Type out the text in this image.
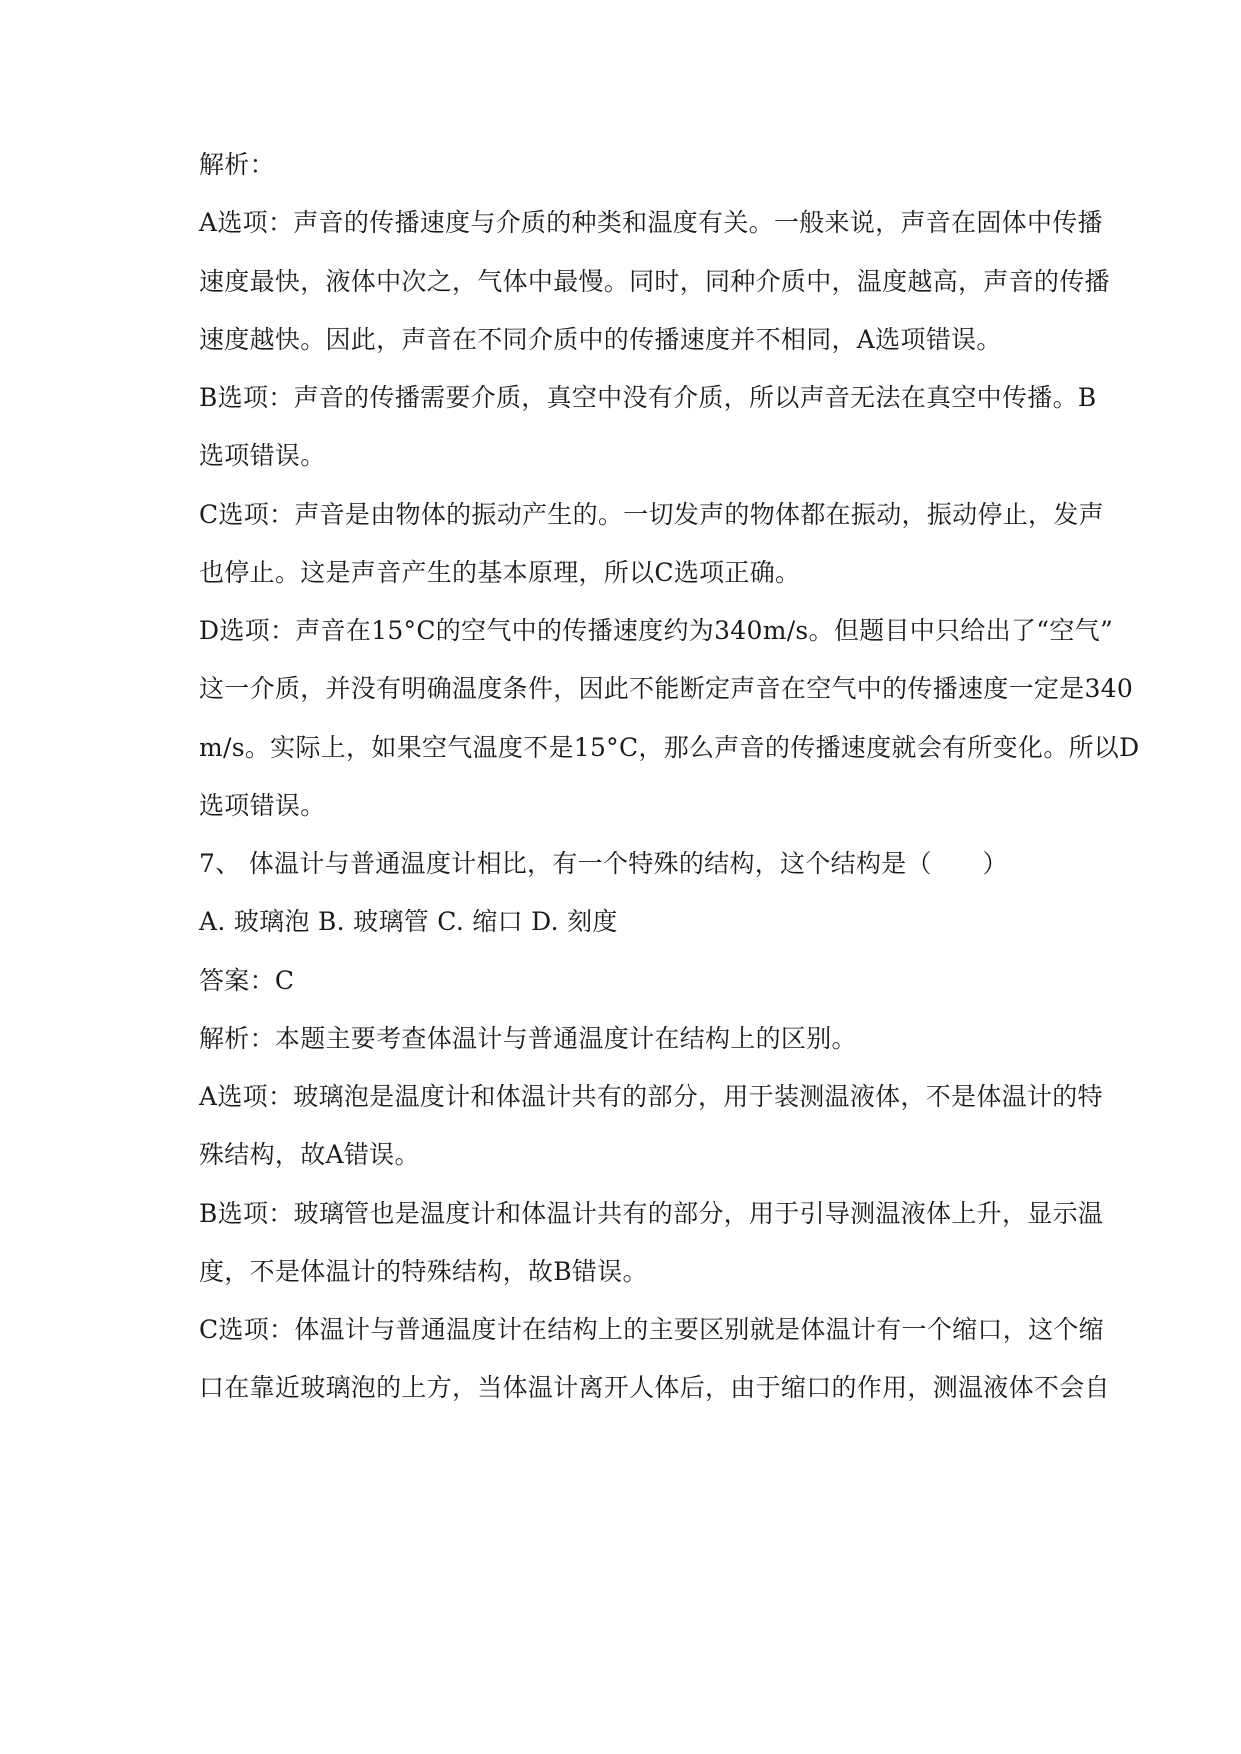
解析：
A选项：声音的传播速度与介质的种类和温度有关。一般来说，声音在固体中传播
速度最快，液体中次之，气体中最慢。同时，同种介质中，温度越高，声音的传播
速度越快。因此，声音在不同介质中的传播速度并不相同，A选项错误。
B选项：声音的传播需要介质，真空中没有介质，所以声音无法在真空中传播。B
选项错误。
C选项：声音是由物体的振动产生的。一切发声的物体都在振动，振动停止，发声
也停止。这是声音产生的基本原理，所以C选项正确。
D选项：声音在15°C的空气中的传播速度约为340m/s。但题目中只给出了“空气”
这一介质，并没有明确温度条件，因此不能断定声音在空气中的传播速度一定是340
m/s。实际上，如果空气温度不是15°C，那么声音的传播速度就会有所变化。所以D
选项错误。
7、 体温计与普通温度计相比，有一个特殊的结构，这个结构是（　　）
A. 玻璃泡 B. 玻璃管 C. 缩口 D. 刻度
答案：C
解析：本题主要考查体温计与普通温度计在结构上的区别。
A选项：玻璃泡是温度计和体温计共有的部分，用于装测温液体，不是体温计的特
殊结构，故A错误。
B选项：玻璃管也是温度计和体温计共有的部分，用于引导测温液体上升，显示温
度，不是体温计的特殊结构，故B错误。
C选项：体温计与普通温度计在结构上的主要区别就是体温计有一个缩口，这个缩
口在靠近玻璃泡的上方，当体温计离开人体后，由于缩口的作用，测温液体不会自
